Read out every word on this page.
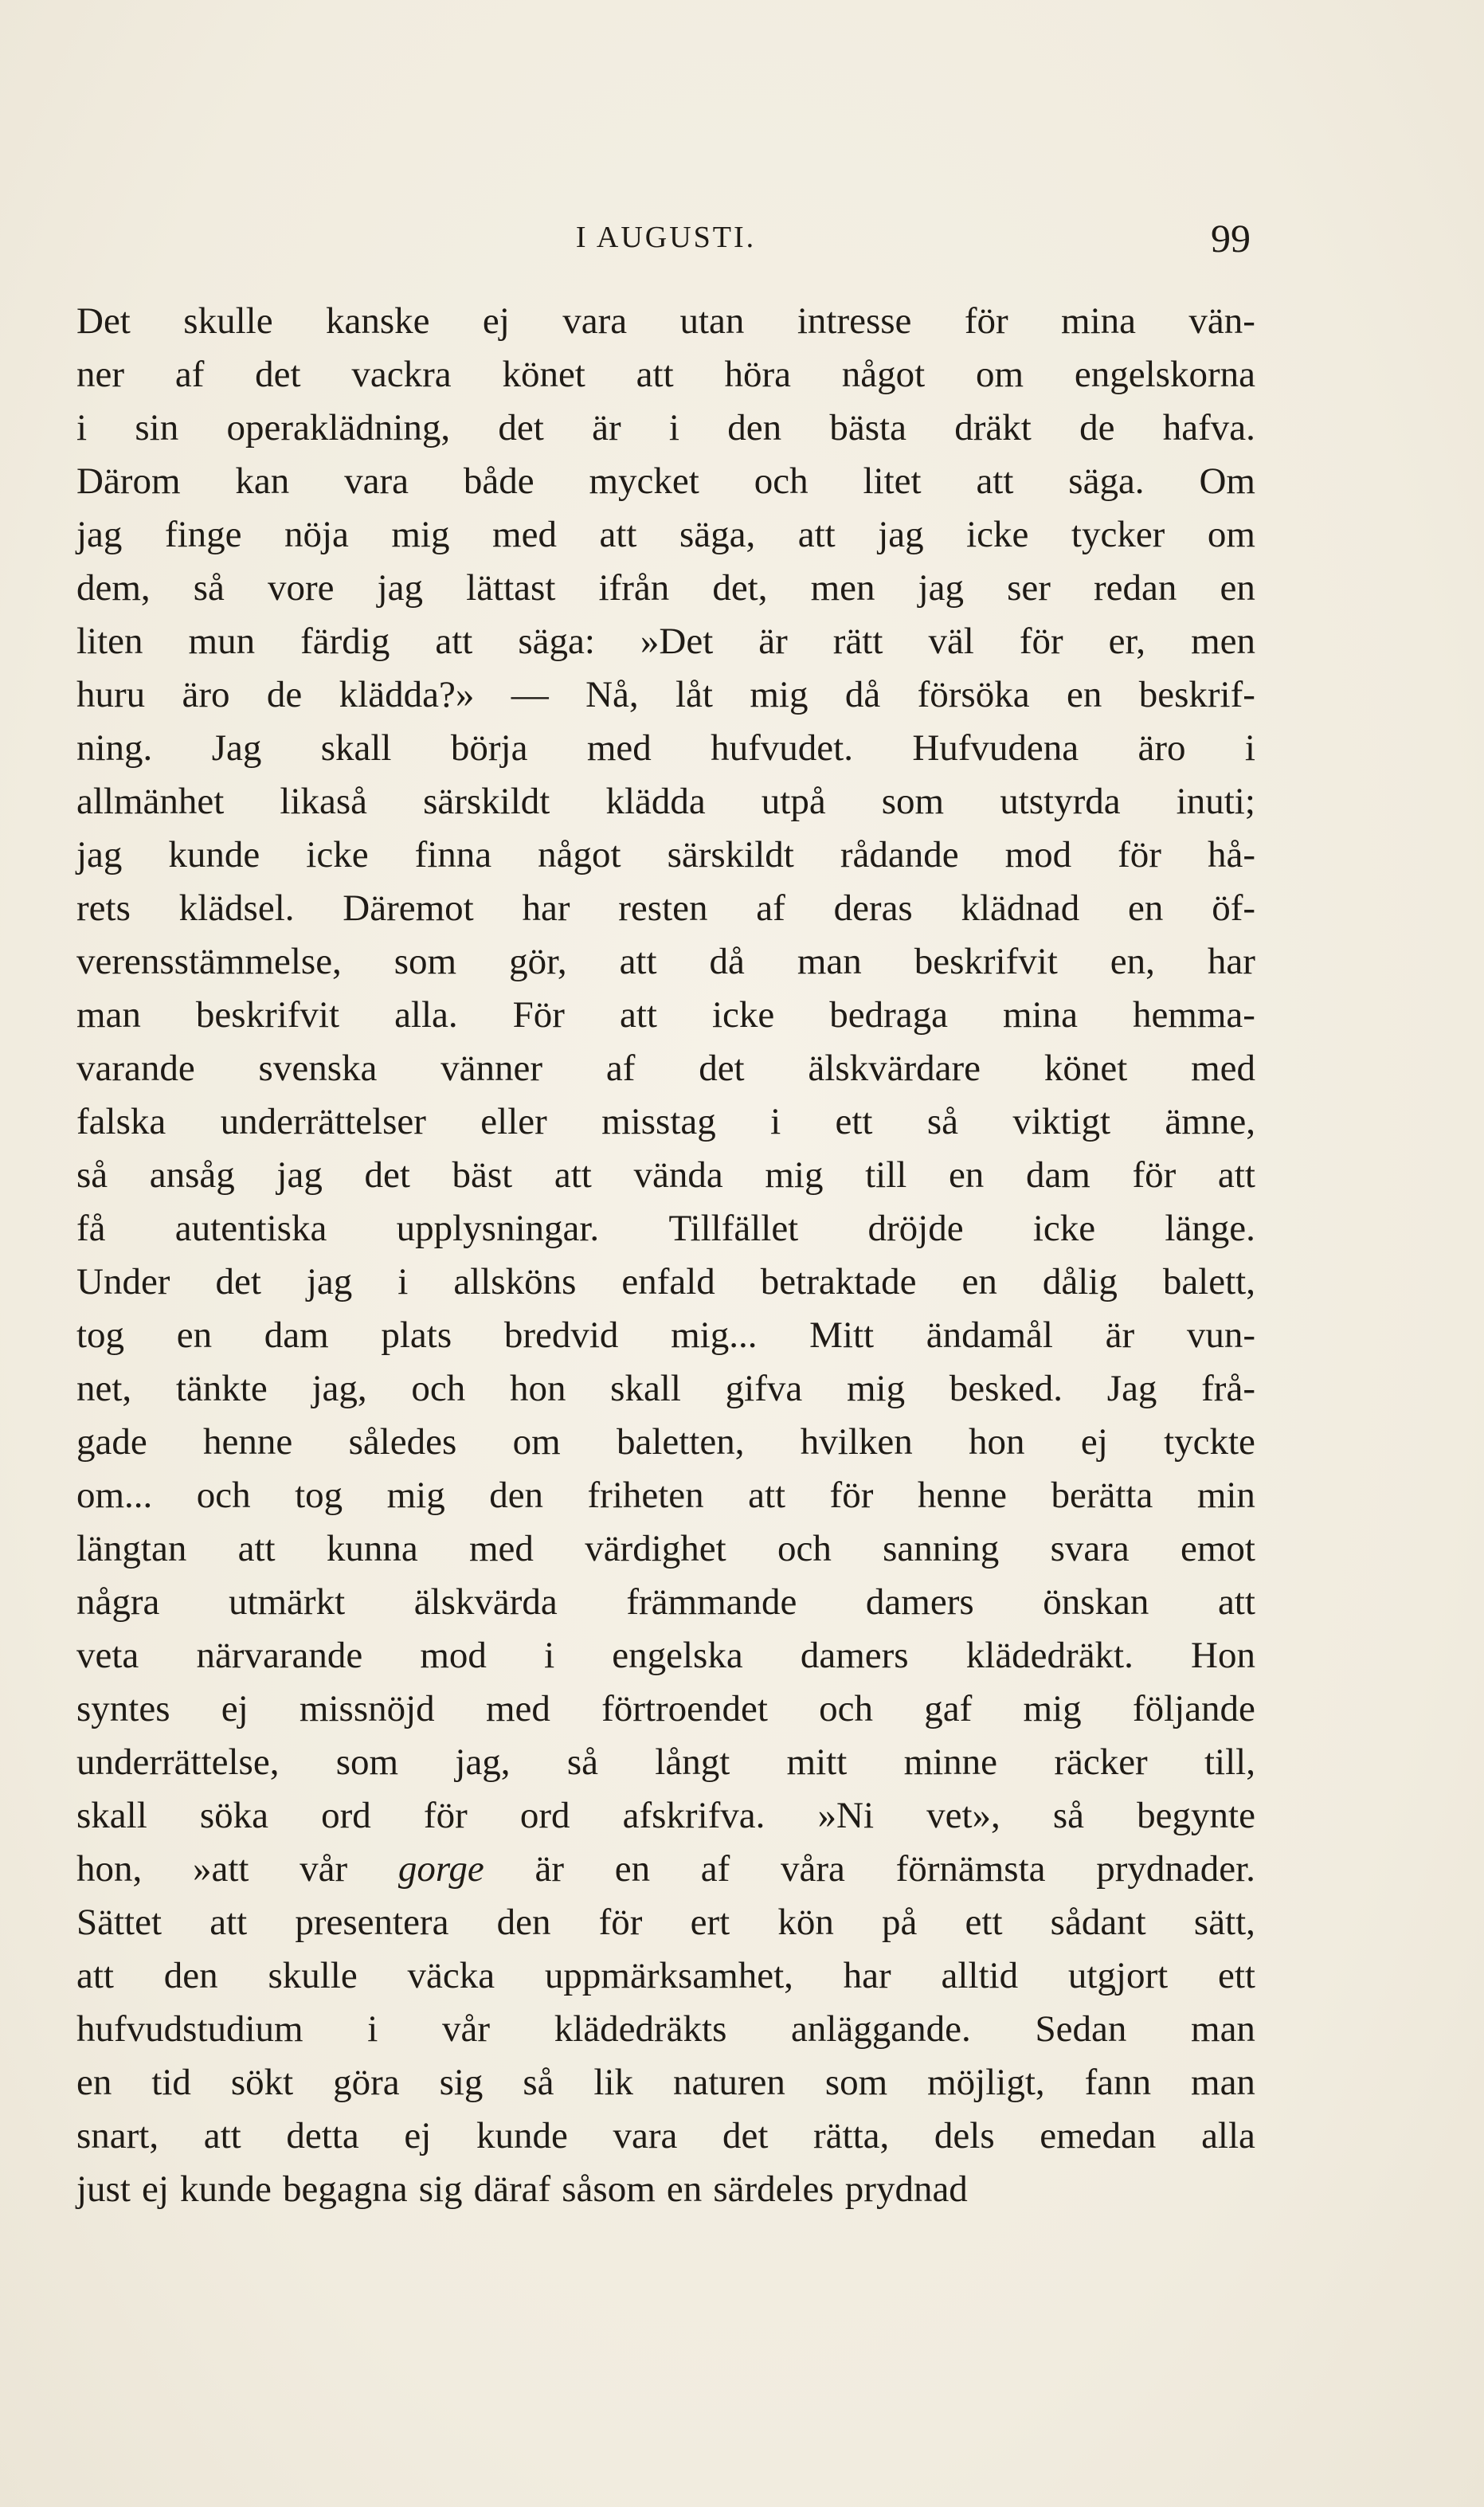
I AUGUSTI.	99
Det skulle kanske ej vara utan intresse för mina vän-
ner af det vackra könet att höra något om engelskorna
i sin operaklädning, det är i den bästa dräkt de hafva.
Därom kan vara både mycket och litet att säga. Om
jag finge nöja mig med att säga, att jag icke tycker om
dem, så vore jag lättast ifrån det, men jag ser redan en
liten mun färdig att säga: »Det är rätt väl för er, men
huru äro de klädda?» — Nå, låt mig då försöka en beskrif-
ning. Jag skall börja med hufvudet. Hufvudena äro i
allmänhet likaså särskildt klädda utpå som utstyrda inuti;
jag kunde icke finna något särskildt rådande mod för hå-
rets klädsel. Däremot har resten af deras klädnad en öf-
verensstämmelse, som gör, att då man beskrifvit en, har
man beskrifvit alla. För att icke bedraga mina hemma-
varande svenska vänner af det älskvärdare könet med
falska underrättelser eller misstag i ett så viktigt ämne,
så ansåg jag det bäst att vända mig till en dam för att
få autentiska upplysningar. Tillfället dröjde icke länge.
Under det jag i allsköns enfald betraktade en dålig balett,
tog en dam plats bredvid mig... Mitt ändamål är vun-
net, tänkte jag, och hon skall gifva mig besked. Jag frå-
gade henne således om baletten, hvilken hon ej tyckte
om... och tog mig den friheten att för henne berätta min
längtan att kunna med värdighet och sanning svara emot
några utmärkt älskvärda främmande damers önskan att
veta närvarande mod i engelska damers klädedräkt. Hon
syntes ej missnöjd med förtroendet och gaf mig följande
underrättelse, som jag, så långt mitt minne räcker till,
skall söka ord för ord afskrifva. »Ni vet», så begynte
hon, »att vår gorge är en af våra förnämsta prydnader.
Sättet att presentera den för ert kön på ett sådant sätt,
att den skulle väcka uppmärksamhet, har alltid utgjort ett
hufvudstudium i vår klädedräkts anläggande. Sedan man
en tid sökt göra sig så lik naturen som möjligt, fann man
snart, att detta ej kunde vara det rätta, dels emedan alla
just ej kunde begagna sig däraf såsom en särdeles prydnad
